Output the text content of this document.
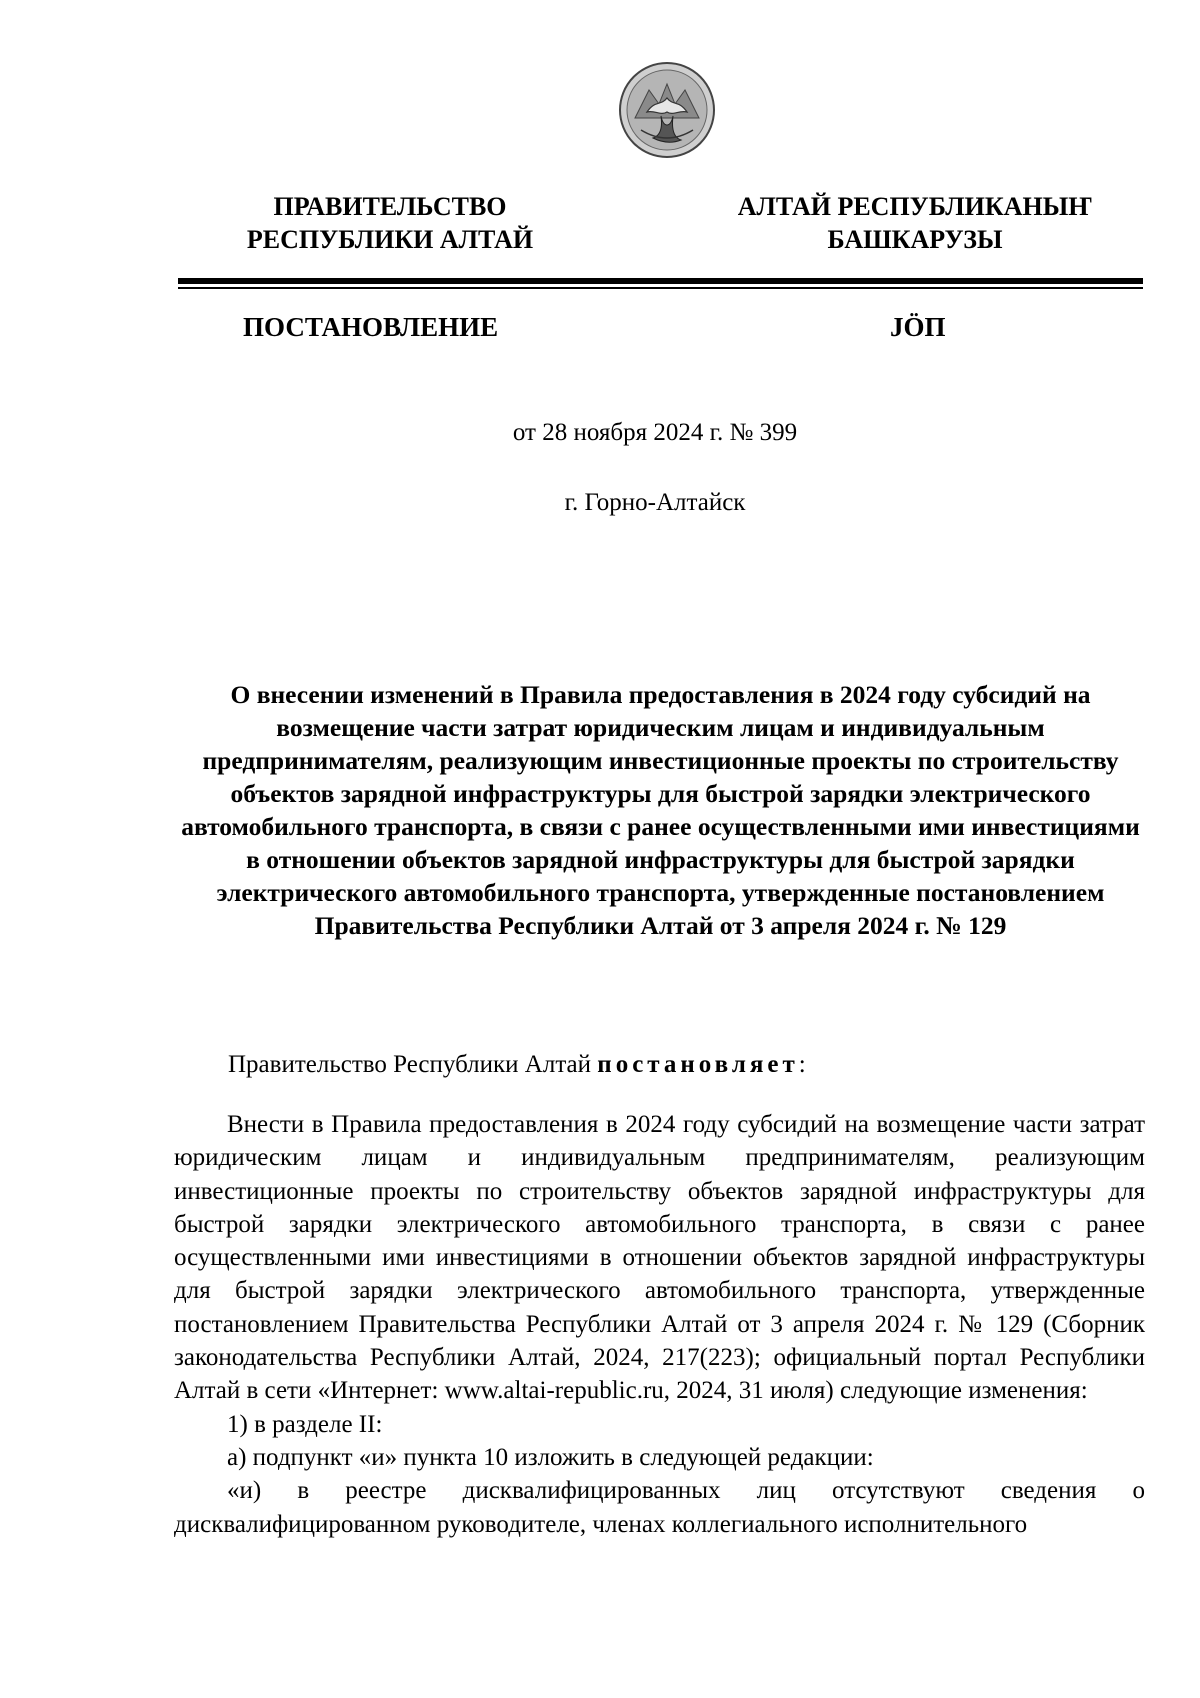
ПРАВИТЕЛЬСТВО
РЕСПУБЛИКИ АЛТАЙ
АЛТАЙ РЕСПУБЛИКАНЫҤ
БАШКАРУЗЫ
ПОСТАНОВЛЕНИЕ	JÖП
от 28 ноября 2024 г. № 399
г. Горно-Алтайск
О внесении изменений в Правила предоставления в 2024 году субсидий на возмещение части затрат юридическим лицам и индивидуальным предпринимателям, реализующим инвестиционные проекты по строительству объектов зарядной инфраструктуры для быстрой зарядки электрического автомобильного транспорта, в связи с ранее осуществленными ими инвестициями в отношении объектов зарядной инфраструктуры для быстрой зарядки электрического автомобильного транспорта, утвержденные постановлением Правительства Республики Алтай от 3 апреля 2024 г. № 129
Правительство Республики Алтай постановляет:

Внести в Правила предоставления в 2024 году субсидий на возмещение части затрат юридическим лицам и индивидуальным предпринимателям, реализующим инвестиционные проекты по строительству объектов зарядной инфраструктуры для быстрой зарядки электрического автомобильного транспорта, в связи с ранее осуществленными ими инвестициями в отношении объектов зарядной инфраструктуры для быстрой зарядки электрического автомобильного транспорта, утвержденные постановлением Правительства Республики Алтай от 3 апреля 2024 г. № 129 (Сборник законодательства Республики Алтай, 2024, 217(223); официальный портал Республики Алтай в сети «Интернет: www.altai-republic.ru, 2024, 31 июля) следующие изменения:

1) в разделе II:

а) подпункт «и» пункта 10 изложить в следующей редакции:

«и) в реестре дисквалифицированных лиц отсутствуют сведения о дисквалифицированном руководителе, членах коллегиального исполнительного
